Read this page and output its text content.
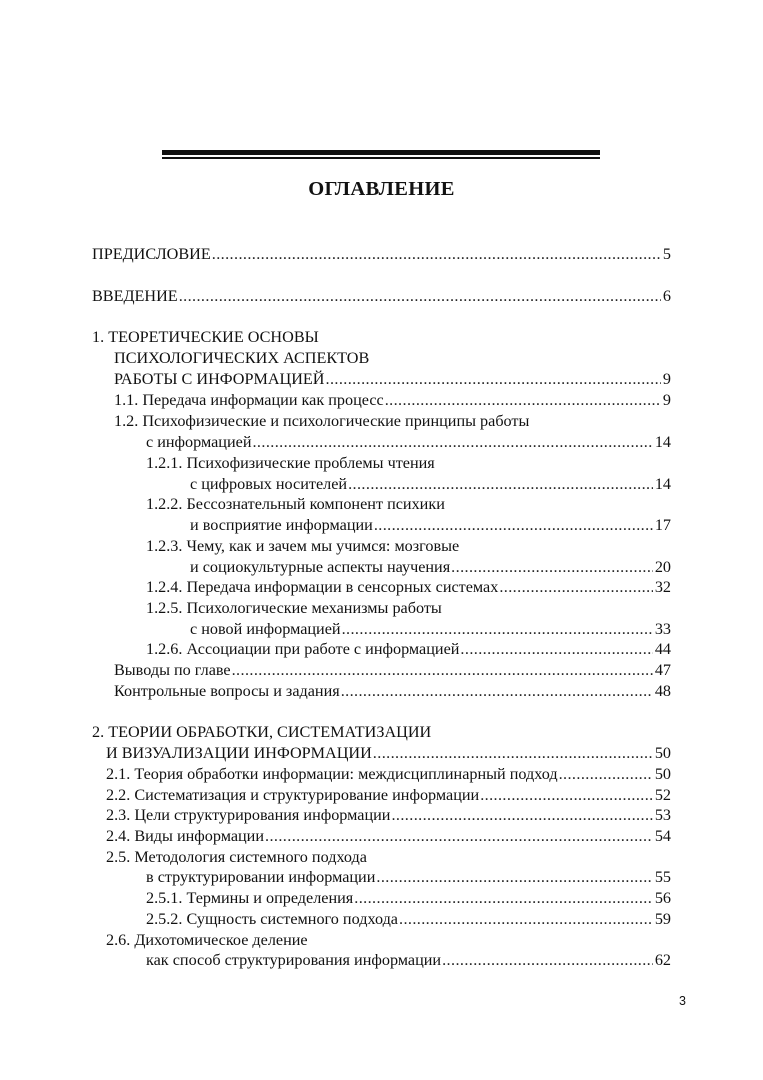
ОГЛАВЛЕНИЕ
ПРЕДИСЛОВИЕ .....	5
ВВЕДЕНИЕ .....	6
1. ТЕОРЕТИЧЕСКИЕ ОСНОВЫ
ПСИХОЛОГИЧЕСКИХ АСПЕКТОВ
РАБОТЫ С ИНФОРМАЦИЕЙ .....	9
1.1. Передача информации как процесс .....	9
1.2. Психофизические и психологические принципы работы
с информацией .....	14
1.2.1. Психофизические проблемы чтения
с цифровых носителей .....	14
1.2.2. Бессознательный компонент психики
и восприятие информации .....	17
1.2.3. Чему, как и зачем мы учимся: мозговые
и социокультурные аспекты научения .....	20
1.2.4. Передача информации в сенсорных системах .....	32
1.2.5. Психологические механизмы работы
с новой информацией .....	33
1.2.6. Ассоциации при работе с информацией .....	44
Выводы по главе .....	47
Контрольные вопросы и задания .....	48
2. ТЕОРИИ ОБРАБОТКИ, СИСТЕМАТИЗАЦИИ
И ВИЗУАЛИЗАЦИИ ИНФОРМАЦИИ .....	50
2.1. Теория обработки информации: междисциплинарный подход .....	50
2.2. Систематизация и структурирование информации .....	52
2.3. Цели структурирования информации .....	53
2.4. Виды информации .....	54
2.5. Методология системного подхода
в структурировании информации .....	55
2.5.1. Термины и определения .....	56
2.5.2. Сущность системного подхода .....	59
2.6. Дихотомическое деление
как способ структурирования информации .....	62
3
